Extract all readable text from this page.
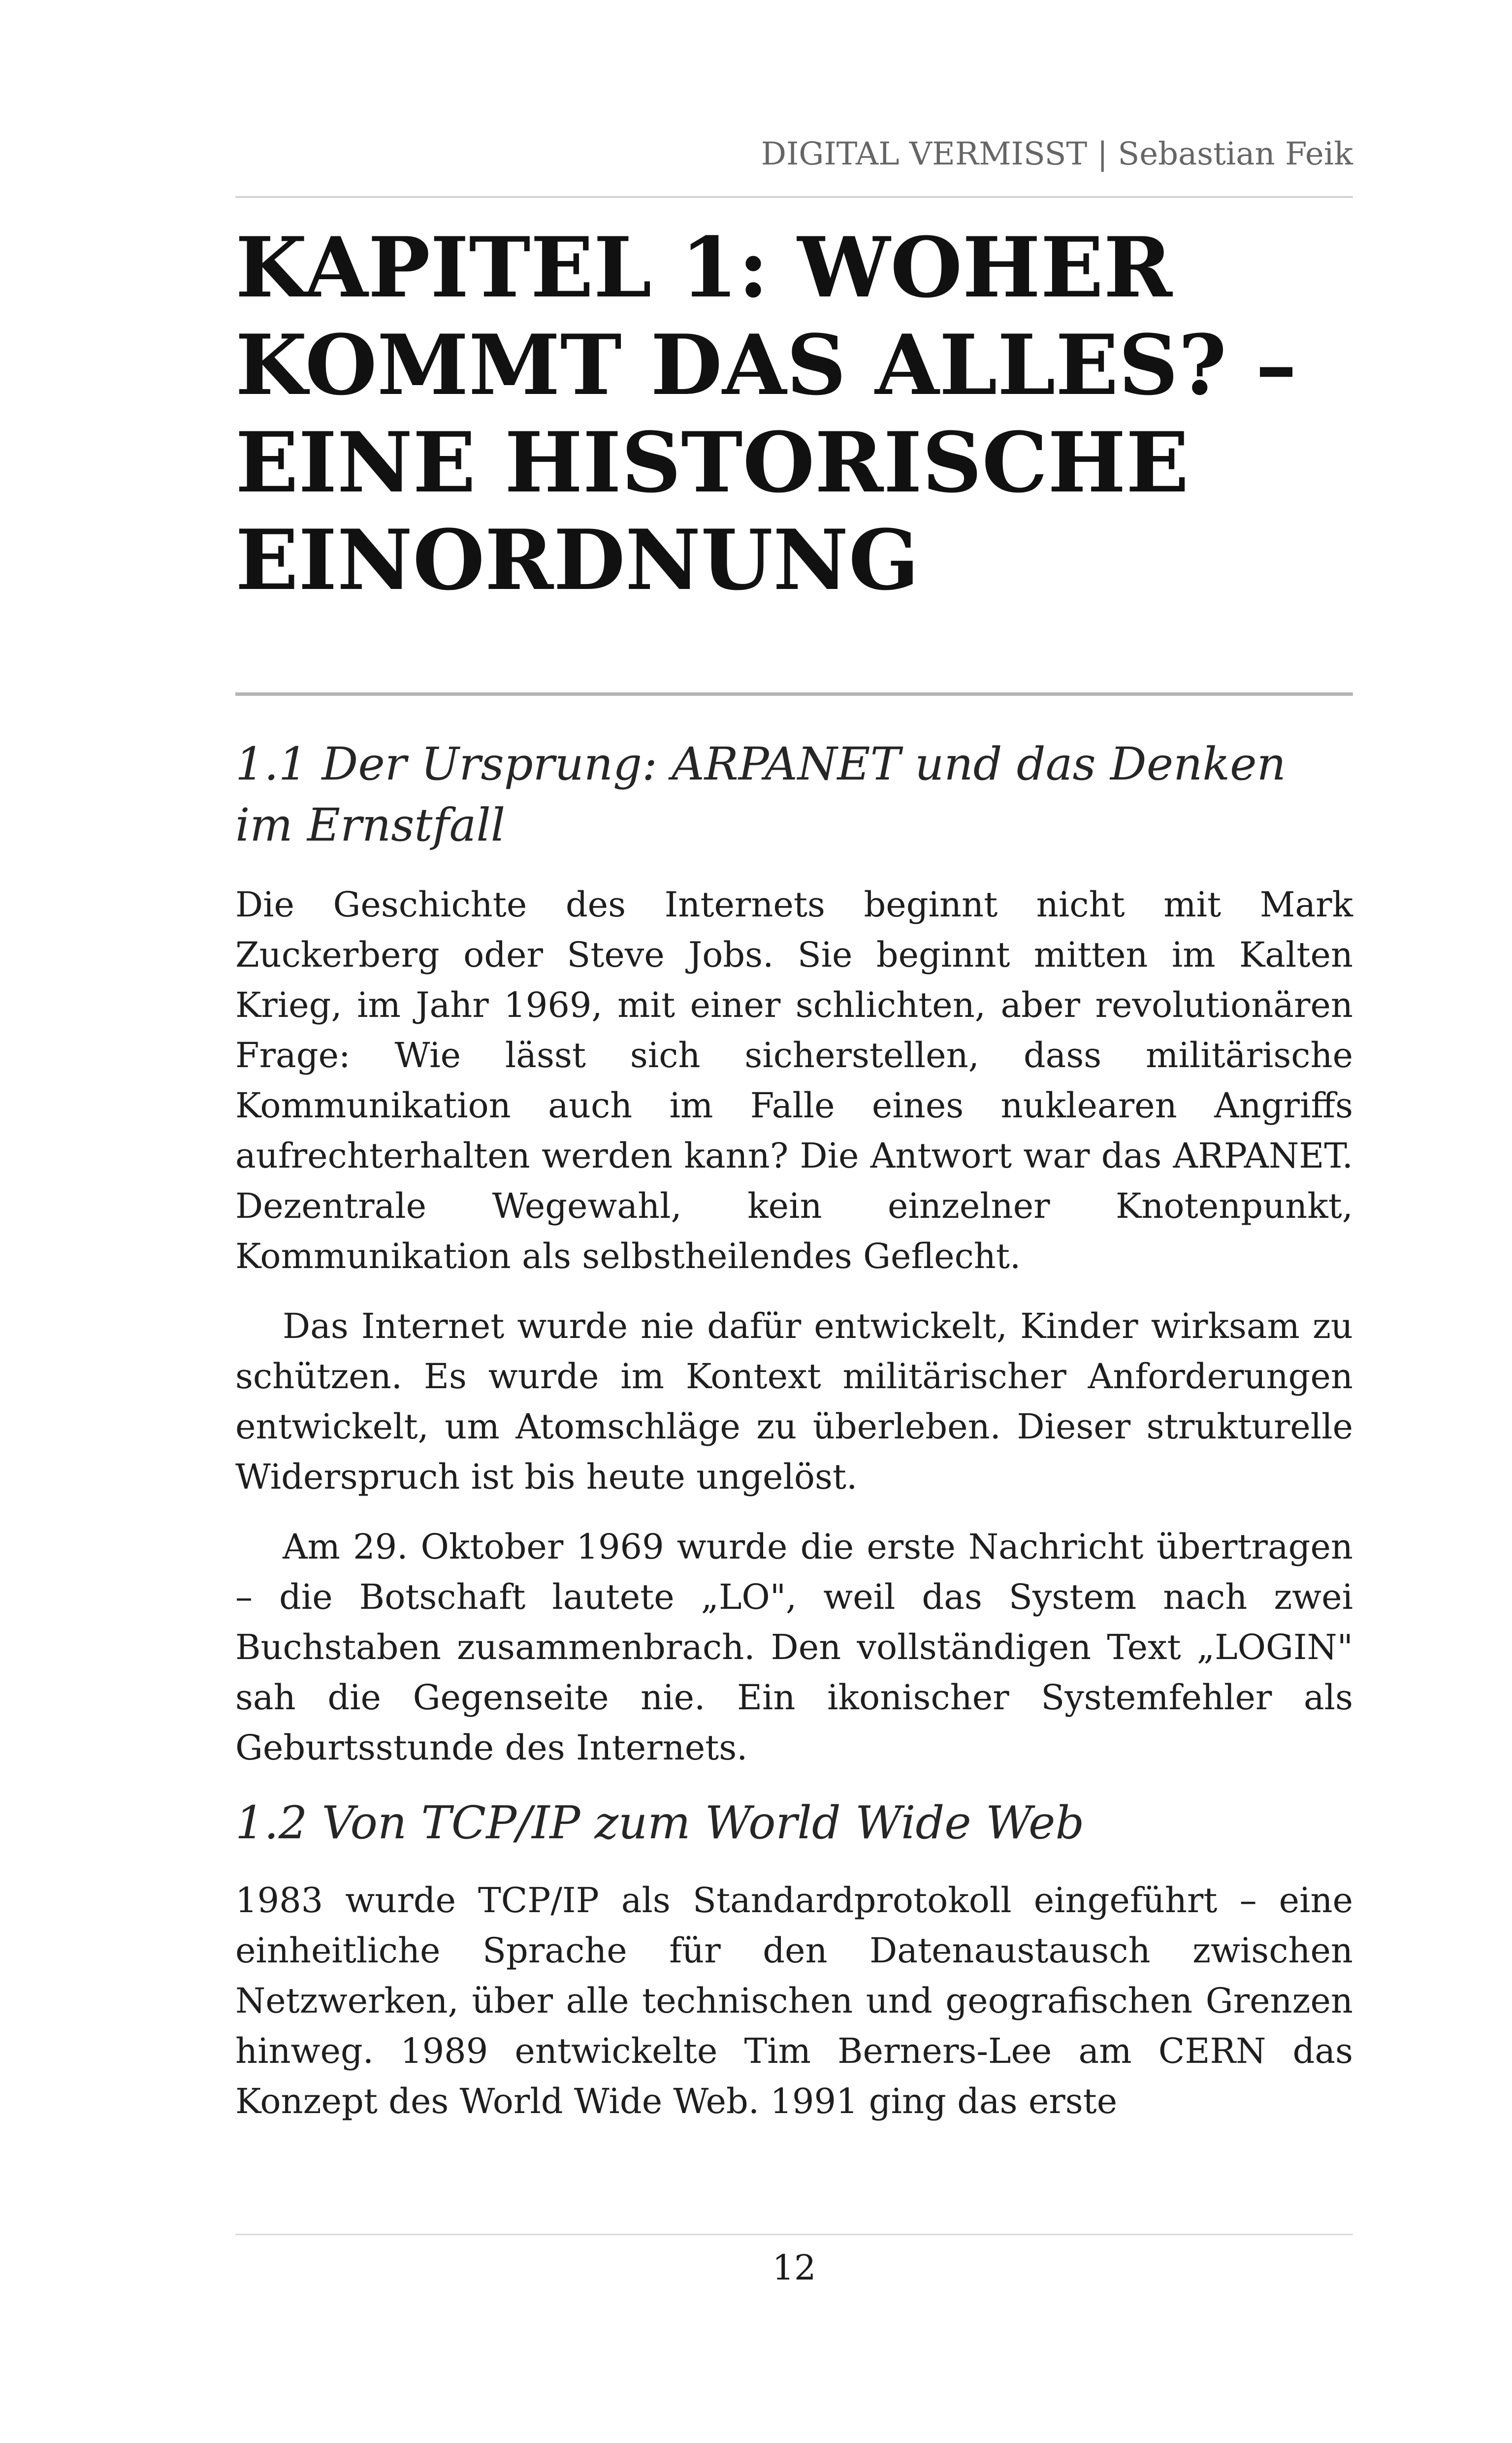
DIGITAL VERMISST | Sebastian Feik
KAPITEL 1: WOHER KOMMT DAS ALLES? – EINE HISTORISCHE EINORDNUNG
1.1 Der Ursprung: ARPANET und das Denken im Ernstfall

Die Geschichte des Internets beginnt nicht mit Mark Zuckerberg oder Steve Jobs. Sie beginnt mitten im Kalten Krieg, im Jahr 1969, mit einer schlichten, aber revolutionären Frage: Wie lässt sich sicherstellen, dass militärische Kommunikation auch im Falle eines nuklearen Angriffs aufrechterhalten werden kann? Die Antwort war das ARPANET. Dezentrale Wegewahl, kein einzelner Knotenpunkt, Kommunikation als selbstheilendes Geflecht.

Das Internet wurde nie dafür entwickelt, Kinder wirksam zu schützen. Es wurde im Kontext militärischer Anforderungen entwickelt, um Atomschläge zu überleben. Dieser strukturelle Widerspruch ist bis heute ungelöst.

Am 29. Oktober 1969 wurde die erste Nachricht übertragen – die Botschaft lautete „LO", weil das System nach zwei Buchstaben zusammenbrach. Den vollständigen Text „LOGIN" sah die Gegenseite nie. Ein ikonischer Systemfehler als Geburtsstunde des Internets.

1.2 Von TCP/IP zum World Wide Web

1983 wurde TCP/IP als Standardprotokoll eingeführt – eine einheitliche Sprache für den Datenaustausch zwischen Netzwerken, über alle technischen und geografischen Grenzen hinweg. 1989 entwickelte Tim Berners-Lee am CERN das Konzept des World Wide Web. 1991 ging das erste

12
